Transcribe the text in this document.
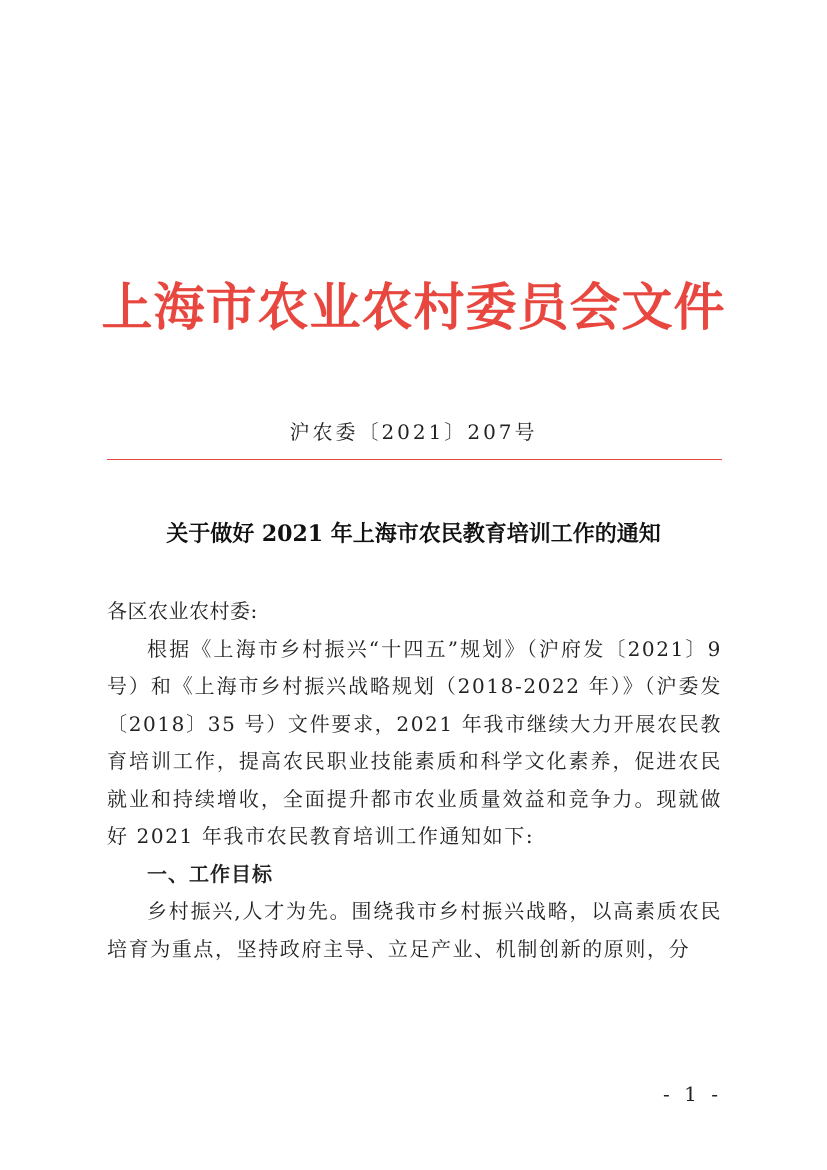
上海市农业农村委员会文件
沪农委〔2021〕207号
关于做好 2021 年上海市农民教育培训工作的通知

各区农业农村委:

根据《上海市乡村振兴“十四五”规划》（沪府发〔2021〕9 号）和《上海市乡村振兴战略规划（2018-2022 年）》（沪委发〔2018〕35 号）文件要求，2021 年我市继续大力开展农民教育培训工作，提高农民职业技能素质和科学文化素养，促进农民就业和持续增收，全面提升都市农业质量效益和竞争力。现就做好 2021 年我市农民教育培训工作通知如下:

一、工作目标

乡村振兴,人才为先。围绕我市乡村振兴战略，以高素质农民培育为重点，坚持政府主导、立足产业、机制创新的原则，分

- 1 -
